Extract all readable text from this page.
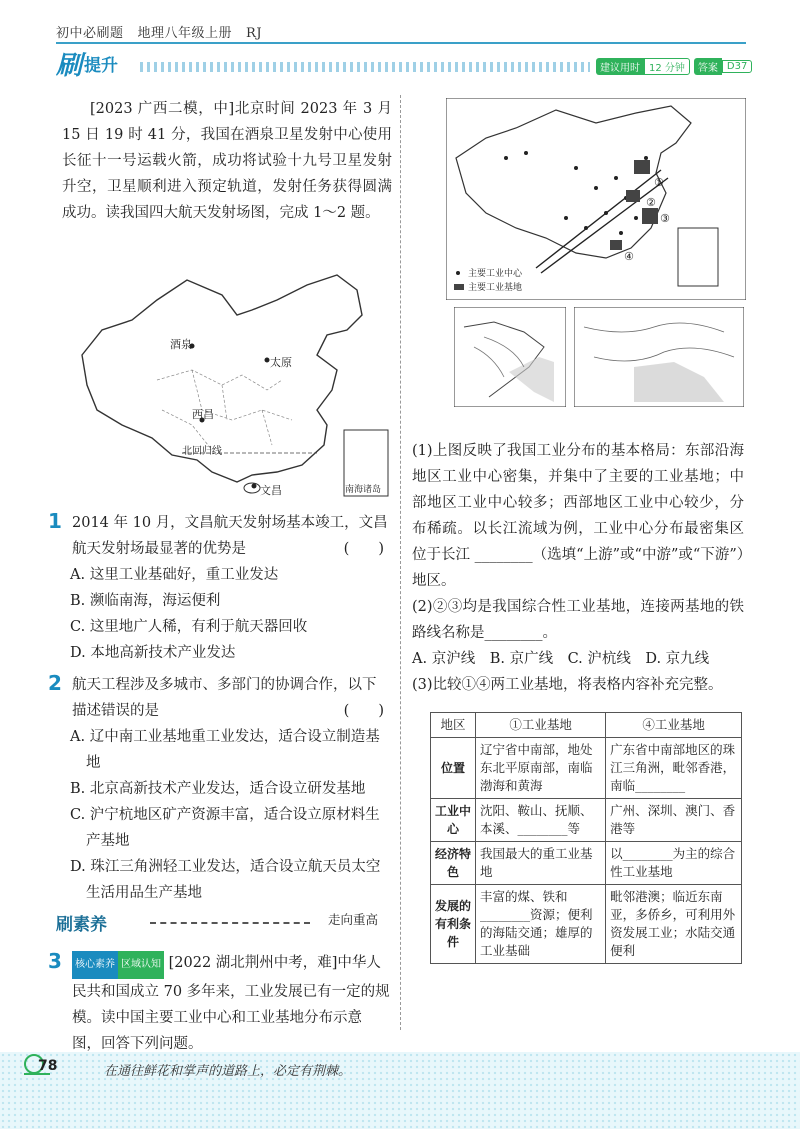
初中必刷题 地理八年级上册 RJ
刷 提升	建议用时 12 分钟	答案 D37
[2023 广西二模，中]北京时间 2023 年 3 月 15 日 19 时 41 分，我国在酒泉卫星发射中心使用长征十一号运载火箭，成功将试验十九号卫星发射升空，卫星顺利进入预定轨道，发射任务获得圆满成功。读我国四大航天发射场图，完成 1～2 题。
酒泉
太原
西昌
北回归线
文昌	南海诸岛
1 2014 年 10 月，文昌航天发射场基本竣工，文昌航天发射场最显著的优势是	(　　)
A. 这里工业基础好，重工业发达
B. 濒临南海，海运便利
C. 这里地广人稀，有利于航天器回收
D. 本地高新技术产业发达
2 航天工程涉及多城市、多部门的协调合作，以下描述错误的是	(　　)
A. 辽中南工业基地重工业发达，适合设立制造基地
B. 北京高新技术产业发达，适合设立研发基地
C. 沪宁杭地区矿产资源丰富，适合设立原材料生产基地
D. 珠江三角洲轻工业发达，适合设立航天员太空生活用品生产基地
刷素养	走向重高
3	核心素养 区域认知 [2022 湖北荆州中考，难]中华人民共和国成立 70 多年来，工业发展已有一定的规模。读中国主要工业中心和工业基地分布示意图，回答下列问题。
①
②
③
④
主要工业中心
主要工业基地
(1)上图反映了我国工业分布的基本格局：东部沿海地区工业中心密集，并集中了主要的工业基地；中部地区工业中心较多；西部地区工业中心较少，分布稀疏。以长江流域为例，工业中心分布最密集区位于长江 ________（选填“上游”或“中游”或“下游”）地区。
(2)②③均是我国综合性工业基地，连接两基地的铁路线名称是________。
A. 京沪线　B. 京广线　C. 沪杭线　D. 京九线
(3)比较①④两工业基地，将表格内容补充完整。
地区	①工业基地	④工业基地
位置	辽宁省中南部，地处东北平原南部，南临渤海和黄海	广东省中南部地区的珠江三角洲，毗邻香港，南临________
工业中心	沈阳、鞍山、抚顺、本溪、________等	广州、深圳、澳门、香港等
经济特色	我国最大的重工业基地	以________为主的综合性工业基地
发展的有利条件	丰富的煤、铁和________资源；便利的海陆交通；雄厚的工业基础	毗邻港澳；临近东南亚，多侨乡，可利用外资发展工业；水陆交通便利
78	在通往鲜花和掌声的道路上，必定有荆棘。
